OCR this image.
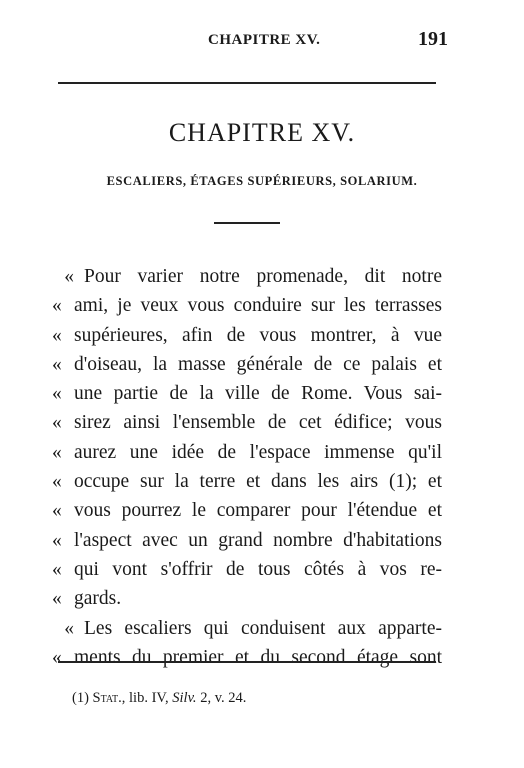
CHAPITRE XV.	191
CHAPITRE XV.
ESCALIERS, ÉTAGES SUPÉRIEURS, SOLARIUM.
« Pour varier notre promenade, dit notre
« ami, je veux vous conduire sur les terrasses
« supérieures, afin de vous montrer, à vue
« d'oiseau, la masse générale de ce palais et
« une partie de la ville de Rome. Vous sai-
« sirez ainsi l'ensemble de cet édifice; vous
« aurez une idée de l'espace immense qu'il
« occupe sur la terre et dans les airs (1); et
« vous pourrez le comparer pour l'étendue et
« l'aspect avec un grand nombre d'habitations
« qui vont s'offrir de tous côtés à vos re-
« gards.
« Les escaliers qui conduisent aux apparte-
« ments du premier et du second étage sont
(1) Stat., lib. IV, Silv. 2, v. 24.
